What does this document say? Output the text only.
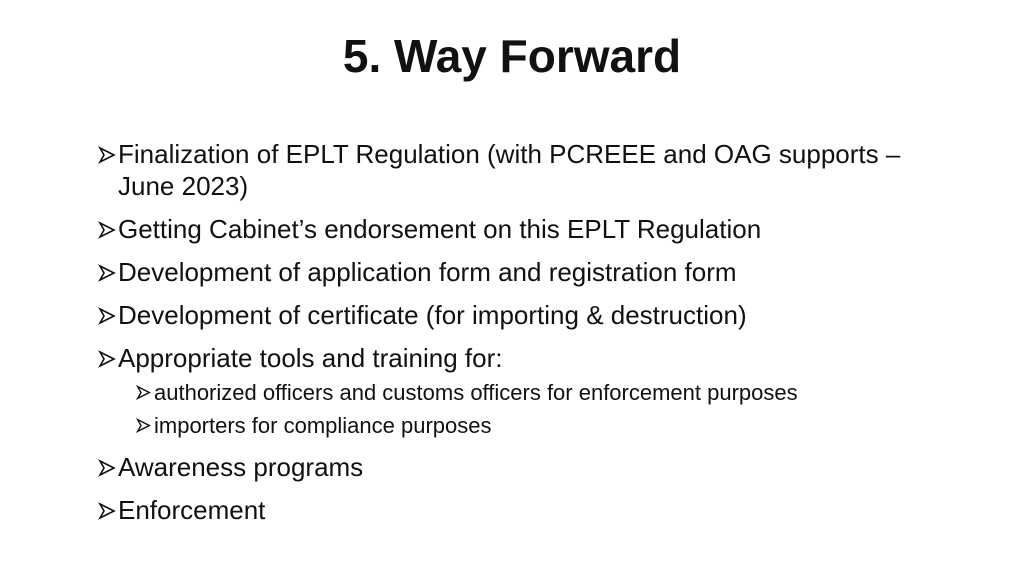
5. Way Forward
Finalization of EPLT Regulation (with PCREEE and OAG supports – June 2023)
Getting Cabinet’s endorsement on this EPLT Regulation
Development of application form and registration form
Development of certificate (for importing & destruction)
Appropriate tools and training for:
authorized officers and customs officers for enforcement purposes
importers for compliance purposes
Awareness programs
Enforcement
